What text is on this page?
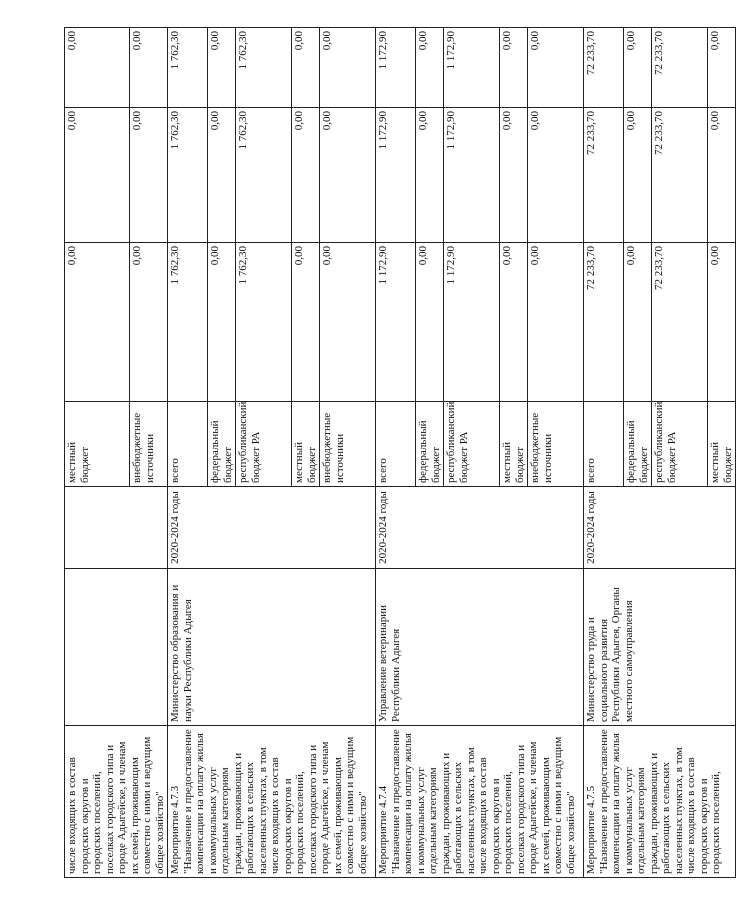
числе входящих в состав городских округов и городских поселений, поселках городского типа и городе Адыгейске, и членам их семей, проживающим совместно с ними и ведущим общее хозяйство"			местный бюджет	0,00	0,00	0,00
			внебюджетные источники	0,00	0,00	0,00
Мероприятие 4.7.3 "Назначение и предоставление компенсации на оплату жилья и коммунальных услуг отдельным категориям граждан, проживающих и работающих в сельских населенных пунктах, в том числе входящих в состав городских округов и городских поселений, поселках городского типа и городе Адыгейске, и членам их семей, проживающим совместно с ними и ведущим общее хозяйство"	Министерство образования и науки Республики Адыгея	2020-2024 годы	всего	1 762,30	1 762,30	1 762,30
			федеральный бюджет	0,00	0,00	0,00
			республиканский бюджет РА	1 762,30	1 762,30	1 762,30
			местный бюджет	0,00	0,00	0,00
			внебюджетные источники	0,00	0,00	0,00
Мероприятие 4.7.4 "Назначение и предоставление компенсации на оплату жилья и коммунальных услуг отдельным категориям граждан, проживающих и работающих в сельских населенных пунктах, в том числе входящих в состав городских округов и городских поселений, поселках городского типа и городе Адыгейске, и членам их семей, проживающим совместно с ними и ведущим общее хозяйство"	Управление ветеринарии Республики Адыгея	2020-2024 годы	всего	1 172,90	1 172,90	1 172,90
			федеральный бюджет	0,00	0,00	0,00
			республиканский бюджет РА	1 172,90	1 172,90	1 172,90
			местный бюджет	0,00	0,00	0,00
			внебюджетные источники	0,00	0,00	0,00
Мероприятие 4.7.5 "Назначение и предоставление компенсации на оплату жилья и коммунальных услуг отдельным категориям граждан, проживающих и работающих в сельских населенных пунктах, в том числе входящих в состав городских округов и городских поселений,	Министерство труда и социального развития Республики Адыгея, Органы местного самоуправления	2020-2024 годы	всего	72 233,70	72 233,70	72 233,70
			федеральный бюджет	0,00	0,00	0,00
			республиканский бюджет РА	72 233,70	72 233,70	72 233,70
			местный бюджет	0,00	0,00	0,00
